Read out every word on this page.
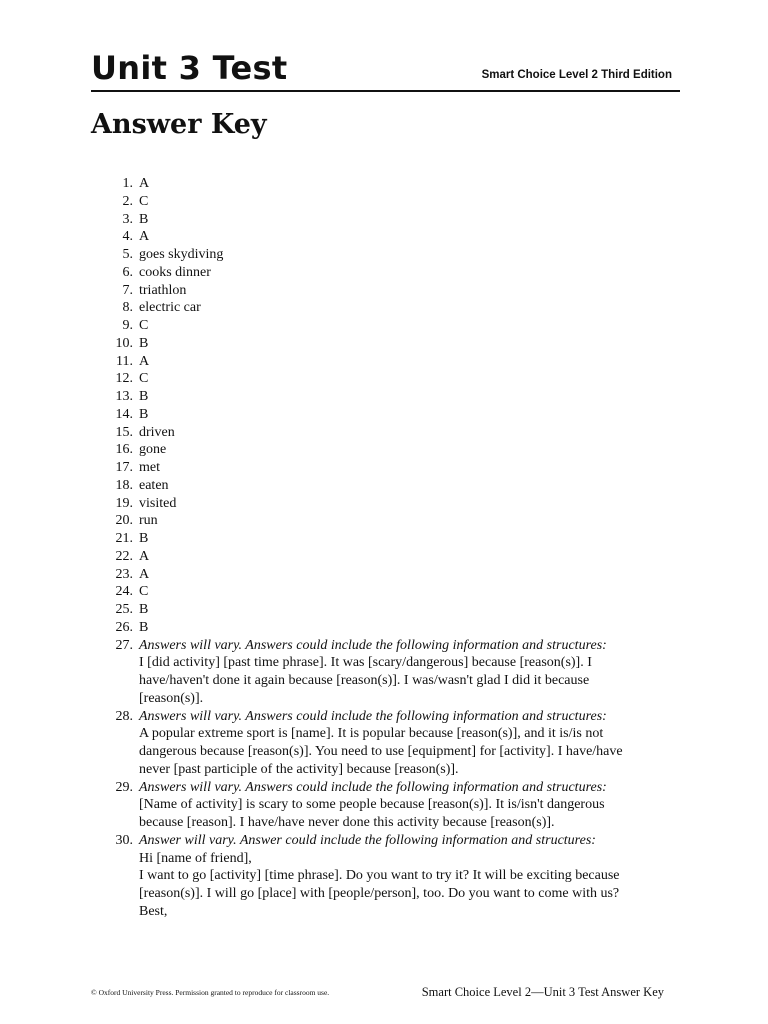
Unit 3 Test	Smart Choice Level 2 Third Edition
Answer Key
1. A
2. C
3. B
4. A
5. goes skydiving
6. cooks dinner
7. triathlon
8. electric car
9. C
10. B
11. A
12. C
13. B
14. B
15. driven
16. gone
17. met
18. eaten
19. visited
20. run
21. B
22. A
23. A
24. C
25. B
26. B
27. Answers will vary. Answers could include the following information and structures:
I [did activity] [past time phrase]. It was [scary/dangerous] because [reason(s)]. I
have/haven't done it again because [reason(s)]. I was/wasn't glad I did it because
[reason(s)].
28. Answers will vary. Answers could include the following information and structures:
A popular extreme sport is [name]. It is popular because [reason(s)], and it is/is not
dangerous because [reason(s)]. You need to use [equipment] for [activity]. I have/have
never [past participle of the activity] because [reason(s)].
29. Answers will vary. Answers could include the following information and structures:
[Name of activity] is scary to some people because [reason(s)]. It is/isn't dangerous
because [reason]. I have/have never done this activity because [reason(s)].
30. Answer will vary. Answer could include the following information and structures:
Hi [name of friend],
I want to go [activity] [time phrase]. Do you want to try it? It will be exciting because
[reason(s)]. I will go [place] with [people/person], too. Do you want to come with us?
Best,
© Oxford University Press. Permission granted to reproduce for classroom use.	Smart Choice Level 2—Unit 3 Test Answer Key
